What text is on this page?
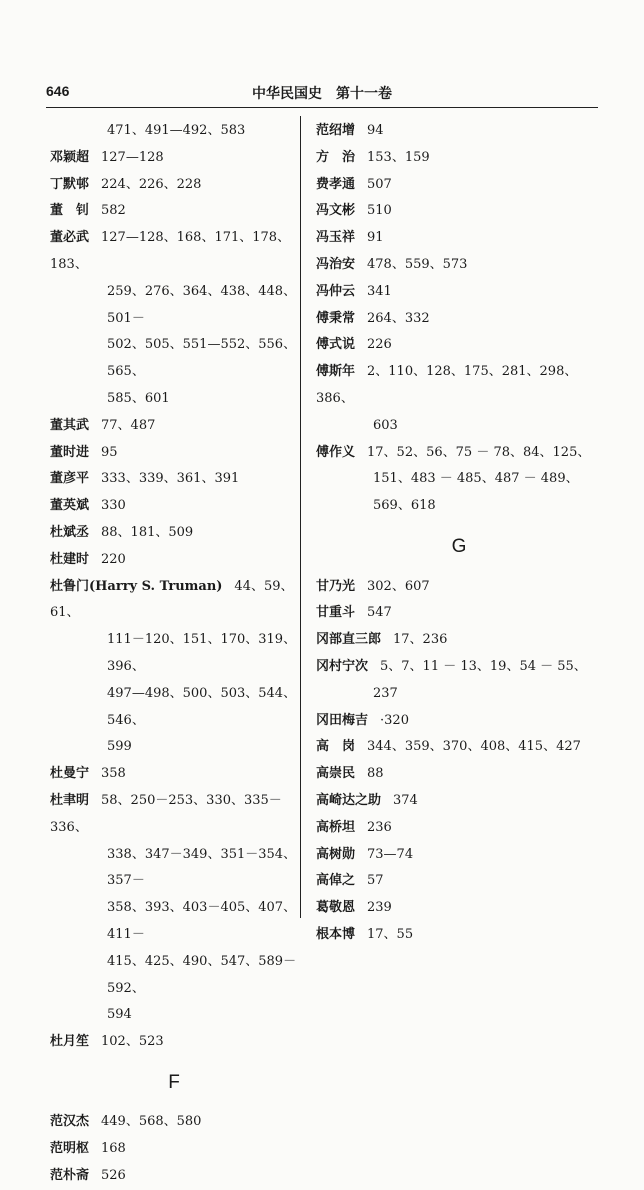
646	中华民国史　第十一卷
471、491—492、583
邓颖超 127—128
丁默邨 224、226、228
董　钊 582
董必武 127—128、168、171、178、183、
259、276、364、438、448、501－
502、505、551—552、556、565、
585、601
董其武 77、487
董时进 95
董彦平 333、339、361、391
董英斌 330
杜斌丞 88、181、509
杜建时 220
杜鲁门(Harry S. Truman) 44、59、61、
111－120、151、170、319、396、
497—498、500、503、544、546、
599
杜曼宁 358
杜聿明 58、250－253、330、335－336、
338、347－349、351－354、357－
358、393、403－405、407、411－
415、425、490、547、589－592、
594
杜月笙 102、523
F
范汉杰 449、568、580
范明枢 168
范朴斋 526
范绍增 94
方　治 153、159
费孝通 507
冯文彬 510
冯玉祥 91
冯治安 478、559、573
冯仲云 341
傅秉常 264、332
傅式说 226
傅斯年 2、110、128、175、281、298、386、
603
傅作义 17、52、56、75 － 78、84、125、
151、483 － 485、487 － 489、
569、618
G
甘乃光 302、607
甘重斗 547
冈部直三郎 17、236
冈村宁次 5、7、11 － 13、19、54 － 55、
237
冈田梅吉 ·320
高　岗 344、359、370、408、415、427
高崇民 88
高崎达之助 374
高桥坦 236
高树勋 73—74
高倬之 57
葛敬恩 239
根本博 17、55
